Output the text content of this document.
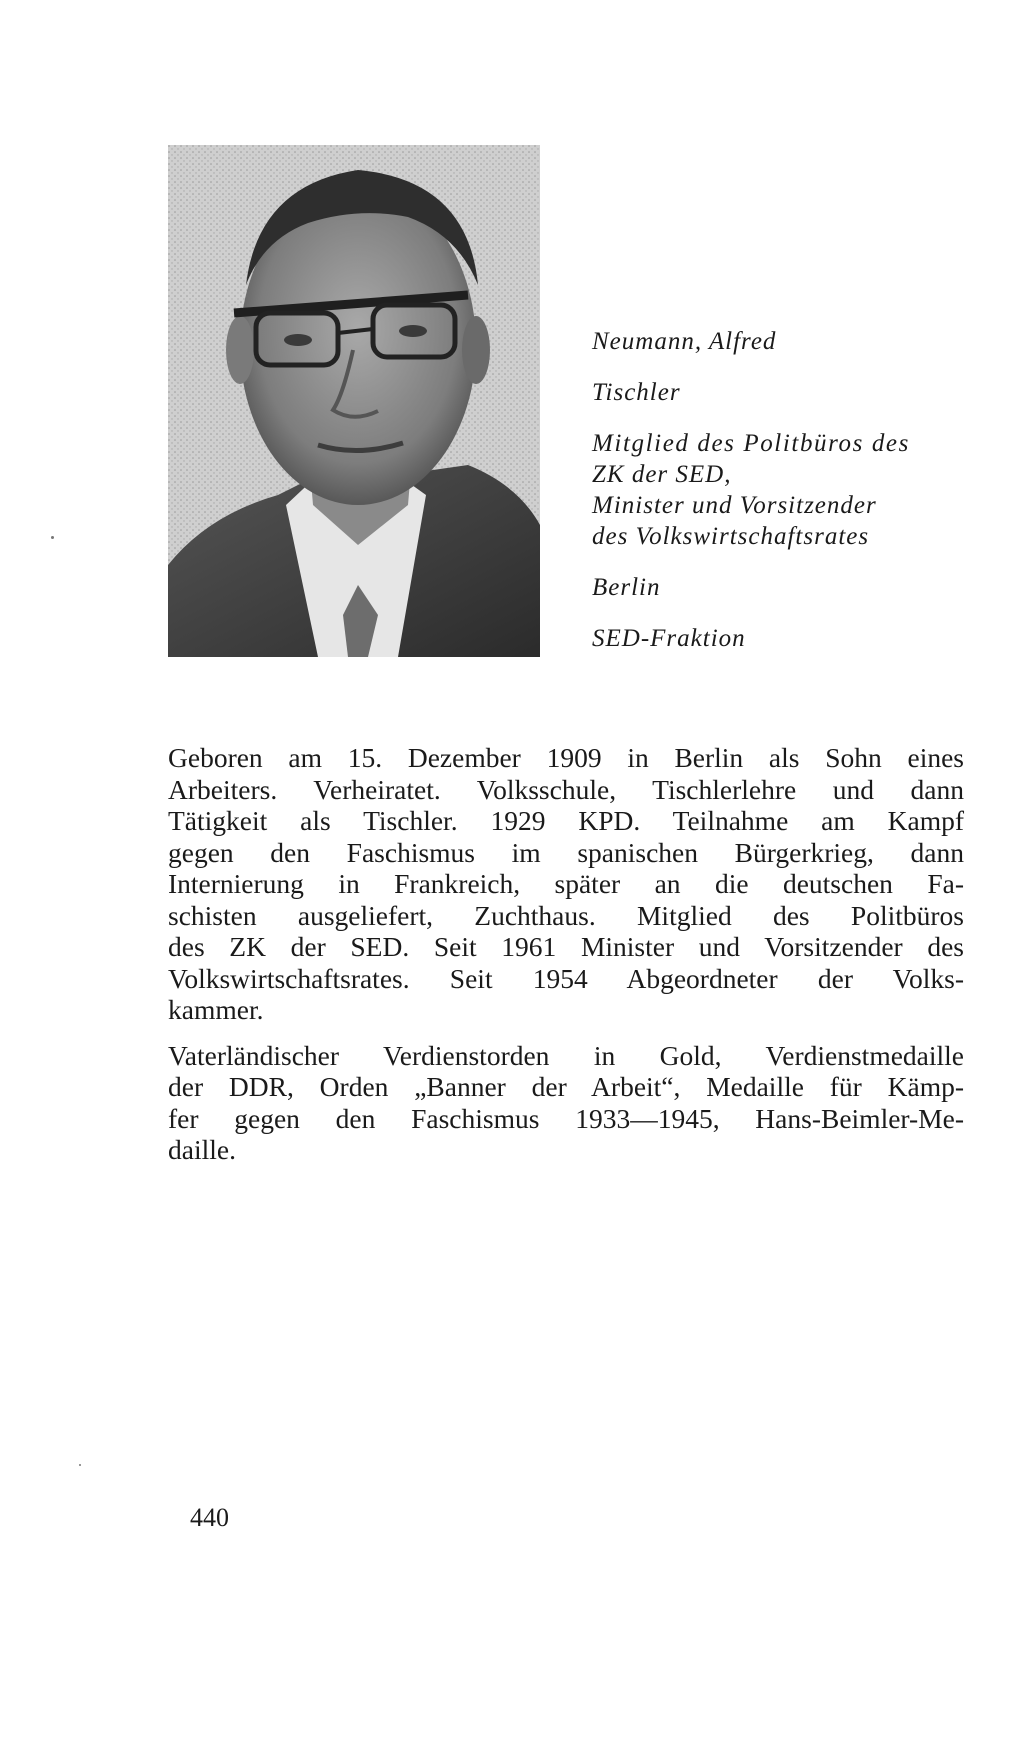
Neumann, Alfred
Tischler
Mitglied des Politbüros des
ZK der SED,
Minister und Vorsitzender
des Volkswirtschaftsrates
Berlin
SED-Fraktion
Geboren am 15. Dezember 1909 in Berlin als Sohn eines
Arbeiters. Verheiratet. Volksschule, Tischlerlehre und dann
Tätigkeit als Tischler. 1929 KPD. Teilnahme am Kampf
gegen den Faschismus im spanischen Bürgerkrieg, dann
Internierung in Frankreich, später an die deutschen Fa-
schisten ausgeliefert, Zuchthaus. Mitglied des Politbüros
des ZK der SED. Seit 1961 Minister und Vorsitzender des
Volkswirtschaftsrates. Seit 1954 Abgeordneter der Volks-
kammer.
Vaterländischer Verdienstorden in Gold, Verdienstmedaille
der DDR, Orden „Banner der Arbeit“, Medaille für Kämp-
fer gegen den Faschismus 1933—1945, Hans-Beimler-Me-
daille.
440
